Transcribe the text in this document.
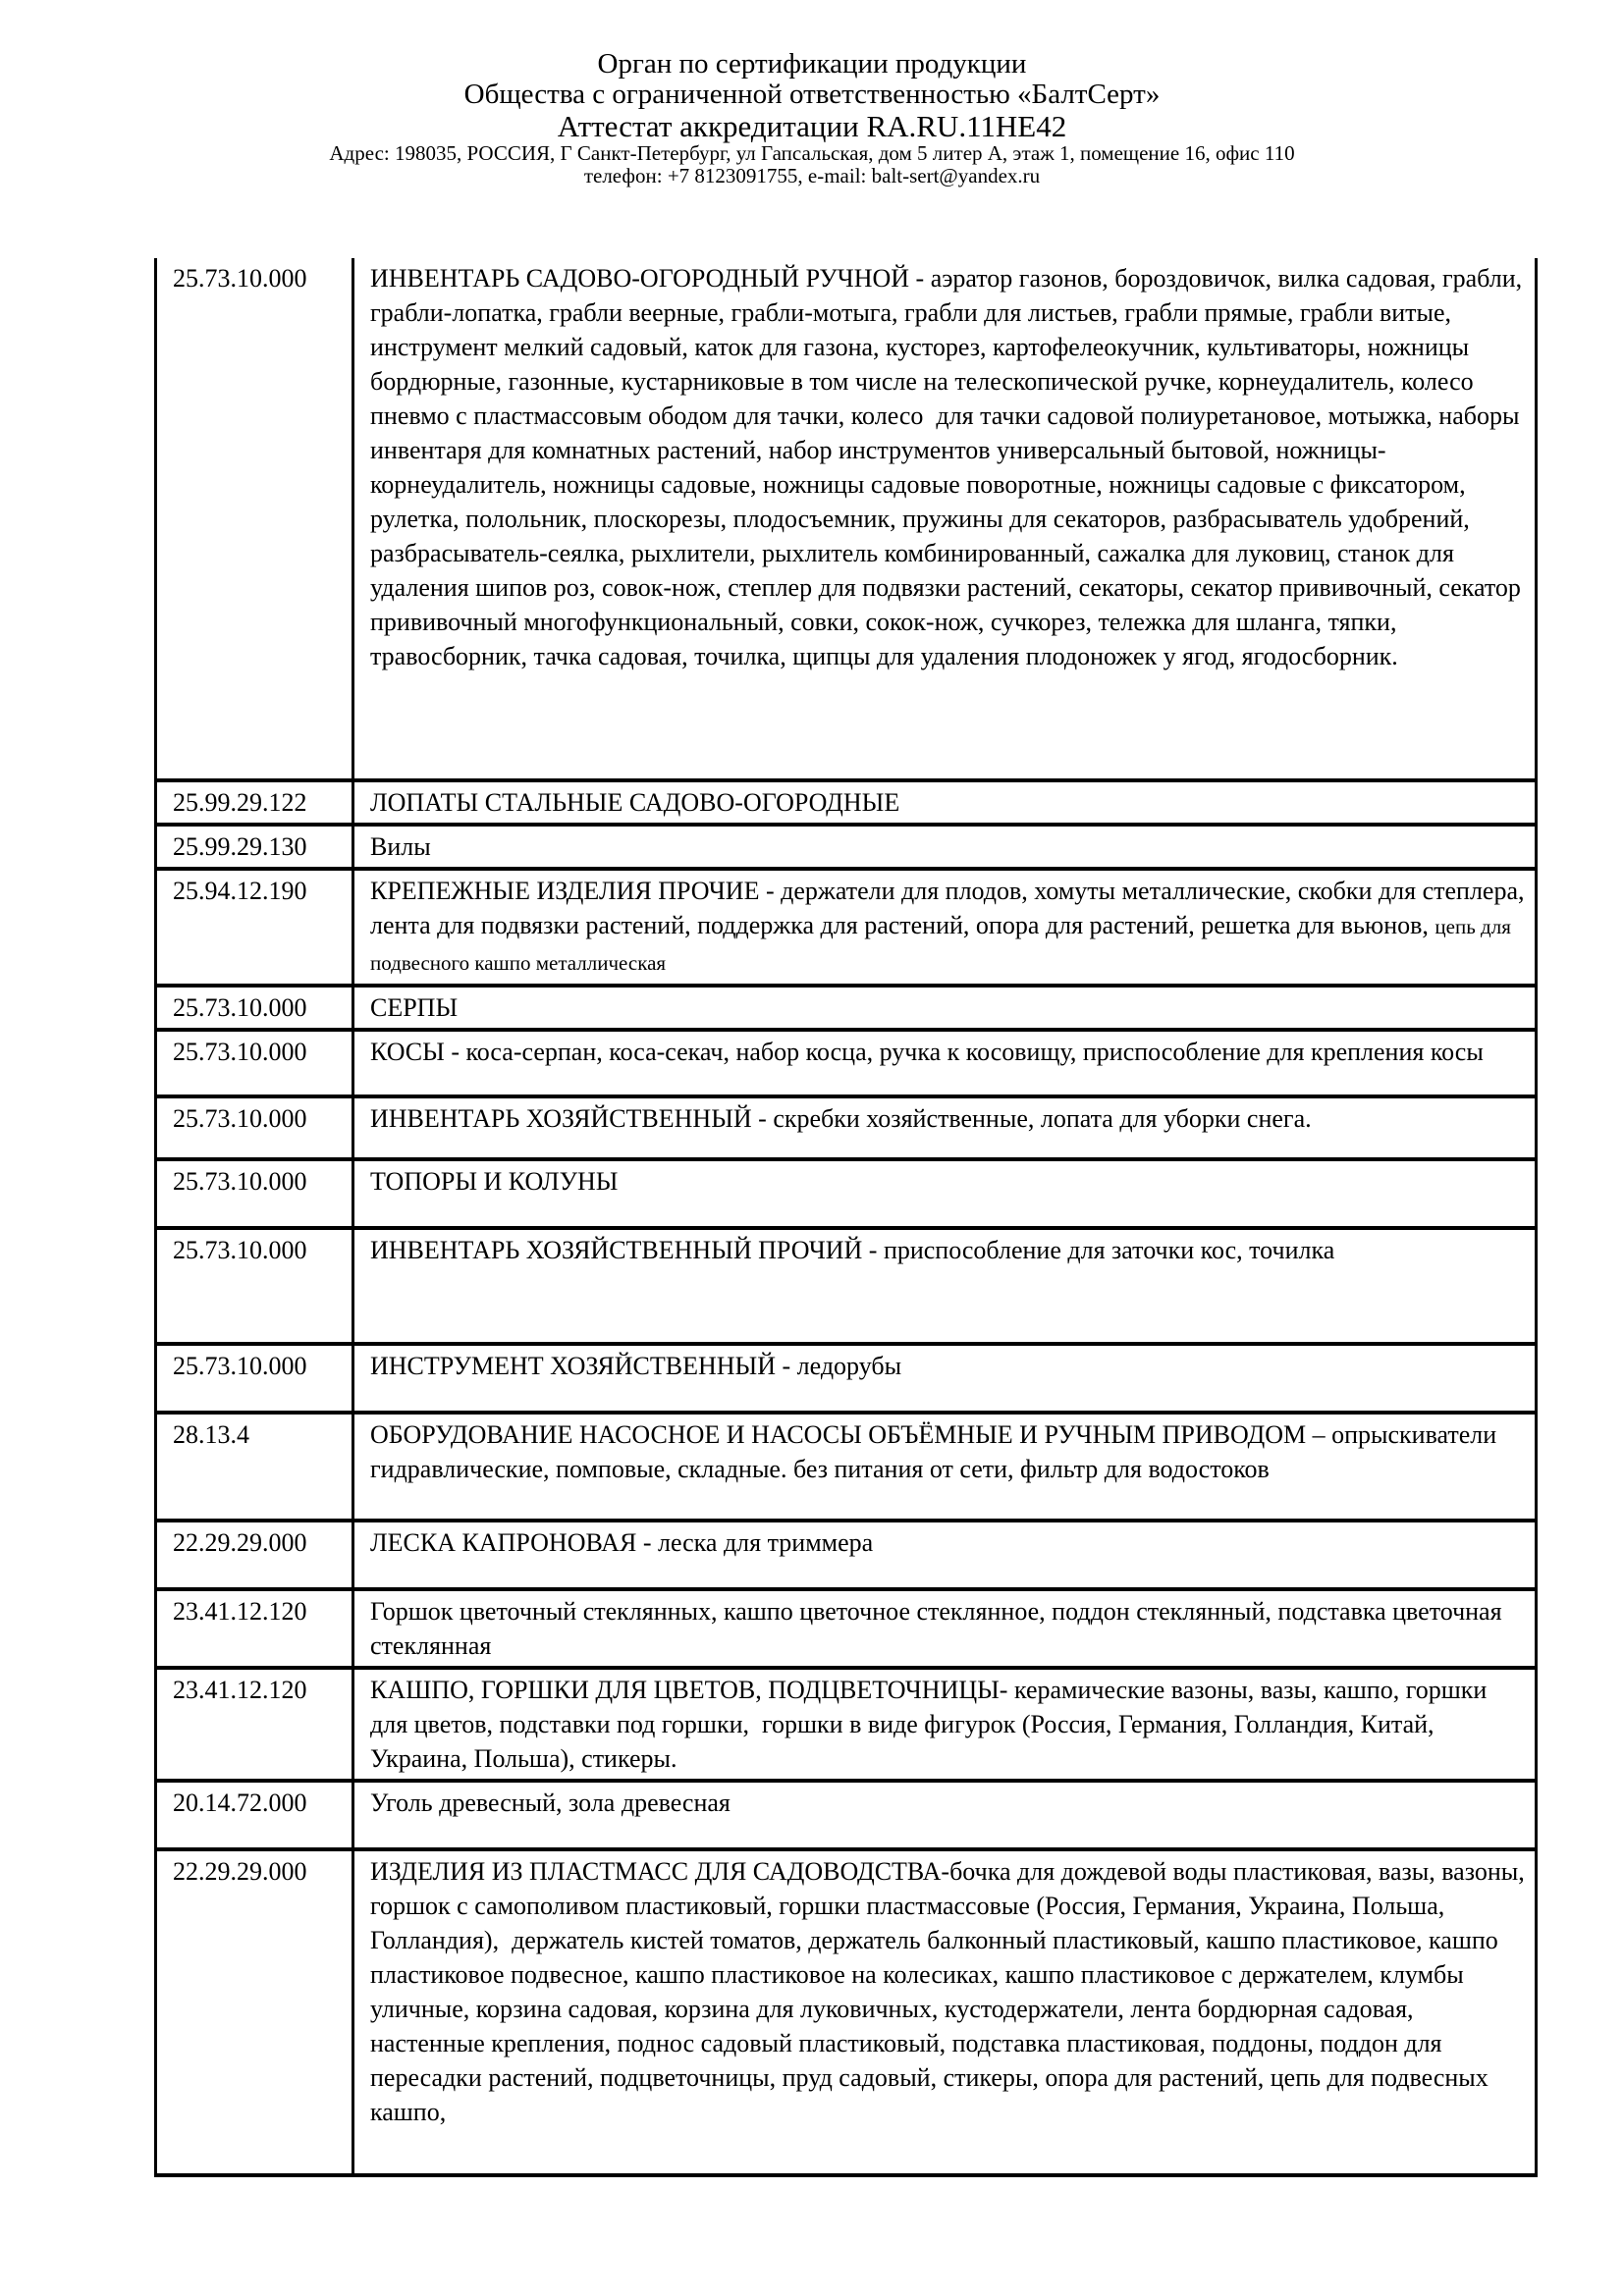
Орган по сертификации продукции
Общества с ограниченной ответственностью «БалтСерт»
Аттестат аккредитации RA.RU.11НЕ42
Адрес: 198035, РОССИЯ, Г Санкт-Петербург, ул Гапсальская, дом 5 литер А, этаж 1, помещение 16, офис 110
телефон: +7 8123091755, e-mail: balt-sert@yandex.ru
25.73.10.000	ИНВЕНТАРЬ САДОВО-ОГОРОДНЫЙ РУЧНОЙ - аэратор газонов, бороздовичок, вилка садовая, грабли, грабли-лопатка, грабли веерные, грабли-мотыга, грабли для листьев, грабли прямые, грабли витые, инструмент мелкий садовый, каток для газона, кусторез, картофелеокучник, культиваторы, ножницы бордюрные, газонные, кустарниковые в том числе на телескопической ручке, корнеудалитель, колесо пневмо с пластмассовым ободом для тачки, колесо  для тачки садовой полиуретановое, мотыжка, наборы инвентаря для комнатных растений, набор инструментов универсальный бытовой, ножницы-корнеудалитель, ножницы садовые, ножницы садовые поворотные, ножницы садовые с фиксатором, рулетка, полольник, плоскорезы, плодосъемник, пружины для секаторов, разбрасыватель удобрений, разбрасыватель-сеялка, рыхлители, рыхлитель комбинированный, сажалка для луковиц, станок для удаления шипов роз, совок-нож, степлер для подвязки растений, секаторы, секатор прививочный, секатор прививочный многофункциональный, совки, сокок-нож, сучкорез, тележка для шланга, тяпки, травосборник, тачка садовая, точилка, щипцы для удаления плодоножек у ягод, ягодосборник.
25.99.29.122	ЛОПАТЫ СТАЛЬНЫЕ САДОВО-ОГОРОДНЫЕ
25.99.29.130	Вилы
25.94.12.190	КРЕПЕЖНЫЕ ИЗДЕЛИЯ ПРОЧИЕ - держатели для плодов, хомуты металлические, скобки для степлера, лента для подвязки растений, поддержка для растений, опора для растений, решетка для вьюнов, цепь для подвесного кашпо металлическая
25.73.10.000	СЕРПЫ
25.73.10.000	КОСЫ - коса-серпан, коса-секач, набор косца, ручка к косовищу, приспособление для крепления косы
25.73.10.000	ИНВЕНТАРЬ ХОЗЯЙСТВЕННЫЙ - скребки хозяйственные, лопата для уборки снега.
25.73.10.000	ТОПОРЫ И КОЛУНЫ
25.73.10.000	ИНВЕНТАРЬ ХОЗЯЙСТВЕННЫЙ ПРОЧИЙ - приспособление для заточки кос, точилка
25.73.10.000	ИНСТРУМЕНТ ХОЗЯЙСТВЕННЫЙ - ледорубы
28.13.4	ОБОРУДОВАНИЕ НАСОСНОЕ И НАСОСЫ ОБЪЁМНЫЕ И РУЧНЫМ ПРИВОДОМ – опрыскиватели гидравлические, помповые, складные. без питания от сети, фильтр для водостоков
22.29.29.000	ЛЕСКА КАПРОНОВАЯ - леска для триммера
23.41.12.120	Горшок цветочный стеклянных, кашпо цветочное стеклянное, поддон стеклянный, подставка цветочная стеклянная
23.41.12.120	КАШПО, ГОРШКИ ДЛЯ ЦВЕТОВ, ПОДЦВЕТОЧНИЦЫ- керамические вазоны, вазы, кашпо, горшки для цветов, подставки под горшки,  горшки в виде фигурок (Россия, Германия, Голландия, Китай, Украина, Польша), стикеры.
20.14.72.000	Уголь древесный, зола древесная
22.29.29.000	ИЗДЕЛИЯ ИЗ ПЛАСТМАСС ДЛЯ САДОВОДСТВА-бочка для дождевой воды пластиковая, вазы, вазоны, горшок с самополивом пластиковый, горшки пластмассовые (Россия, Германия, Украина, Польша, Голландия),  держатель кистей томатов, держатель балконный пластиковый, кашпо пластиковое, кашпо пластиковое подвесное, кашпо пластиковое на колесиках, кашпо пластиковое с держателем, клумбы уличные, корзина садовая, корзина для луковичных, кустодержатели, лента бордюрная садовая, настенные крепления, поднос садовый пластиковый, подставка пластиковая, поддоны, поддон для пересадки растений, подцветочницы, пруд садовый, стикеры, опора для растений, цепь для подвесных кашпо,
